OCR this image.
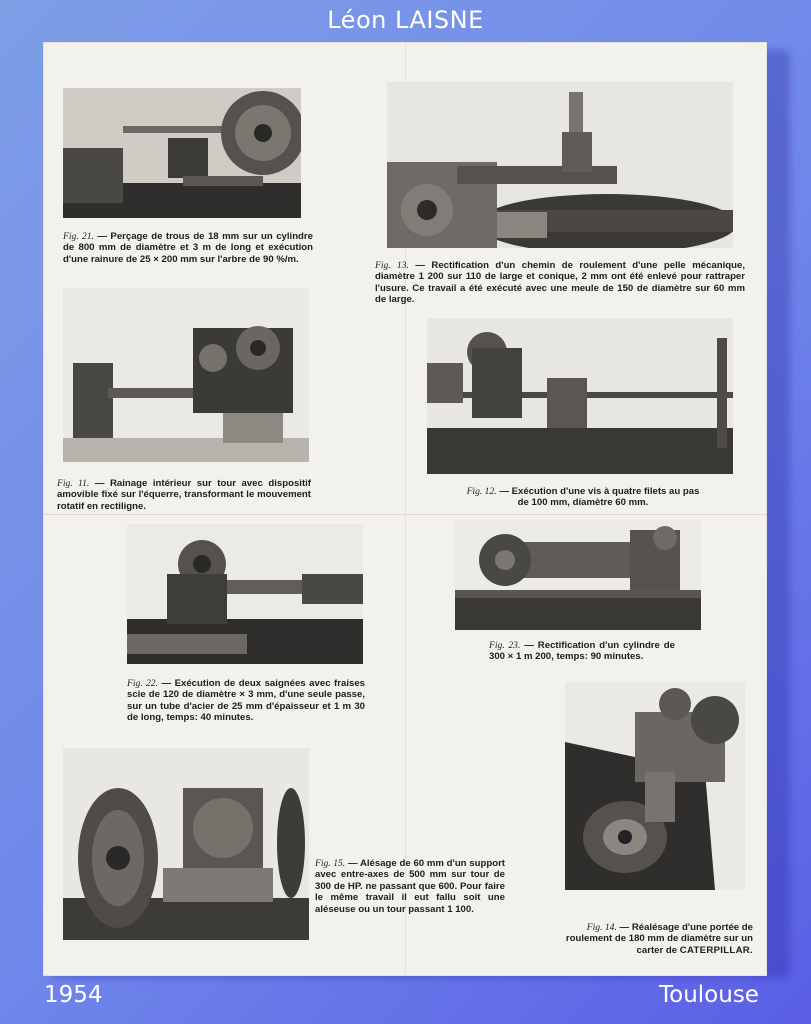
Léon LAISNE
Fig. 21. — Perçage de trous de 18 mm sur un cylindre de 800 mm de diamètre et 3 m de long et exécution d'une rainure de 25 × 200 mm sur l'arbre de 90 %/m.
Fig. 13. — Rectification d'un chemin de roulement d'une pelle mécanique, diamètre 1 200 sur 110 de large et conique, 2 mm ont été enlevé pour rattraper l'usure. Ce travail a été exécuté avec une meule de 150 de diamètre sur 60 mm de large.
Fig. 11. — Rainage intérieur sur tour avec dispositif amovible fixé sur l'équerre, transformant le mouvement rotatif en rectiligne.
Fig. 12. — Exécution d'une vis à quatre filets au pas de 100 mm, diamètre 60 mm.
Fig. 22. — Exécution de deux saignées avec fraises scie de 120 de diamètre × 3 mm, d'une seule passe, sur un tube d'acier de 25 mm d'épaisseur et 1 m 30 de long, temps: 40 minutes.
Fig. 23. — Rectification d'un cylindre de 300 × 1 m 200, temps: 90 minutes.
Fig. 15. — Alésage de 60 mm d'un support avec entre-axes de 500 mm sur tour de 300 de HP. ne passant que 600. Pour faire le même travail il eut fallu soit une aléseuse ou un tour passant 1 100.
Fig. 14. — Réalésage d'une portée de roulement de 180 mm de diamètre sur un carter de CATERPILLAR.
1954	Toulouse
